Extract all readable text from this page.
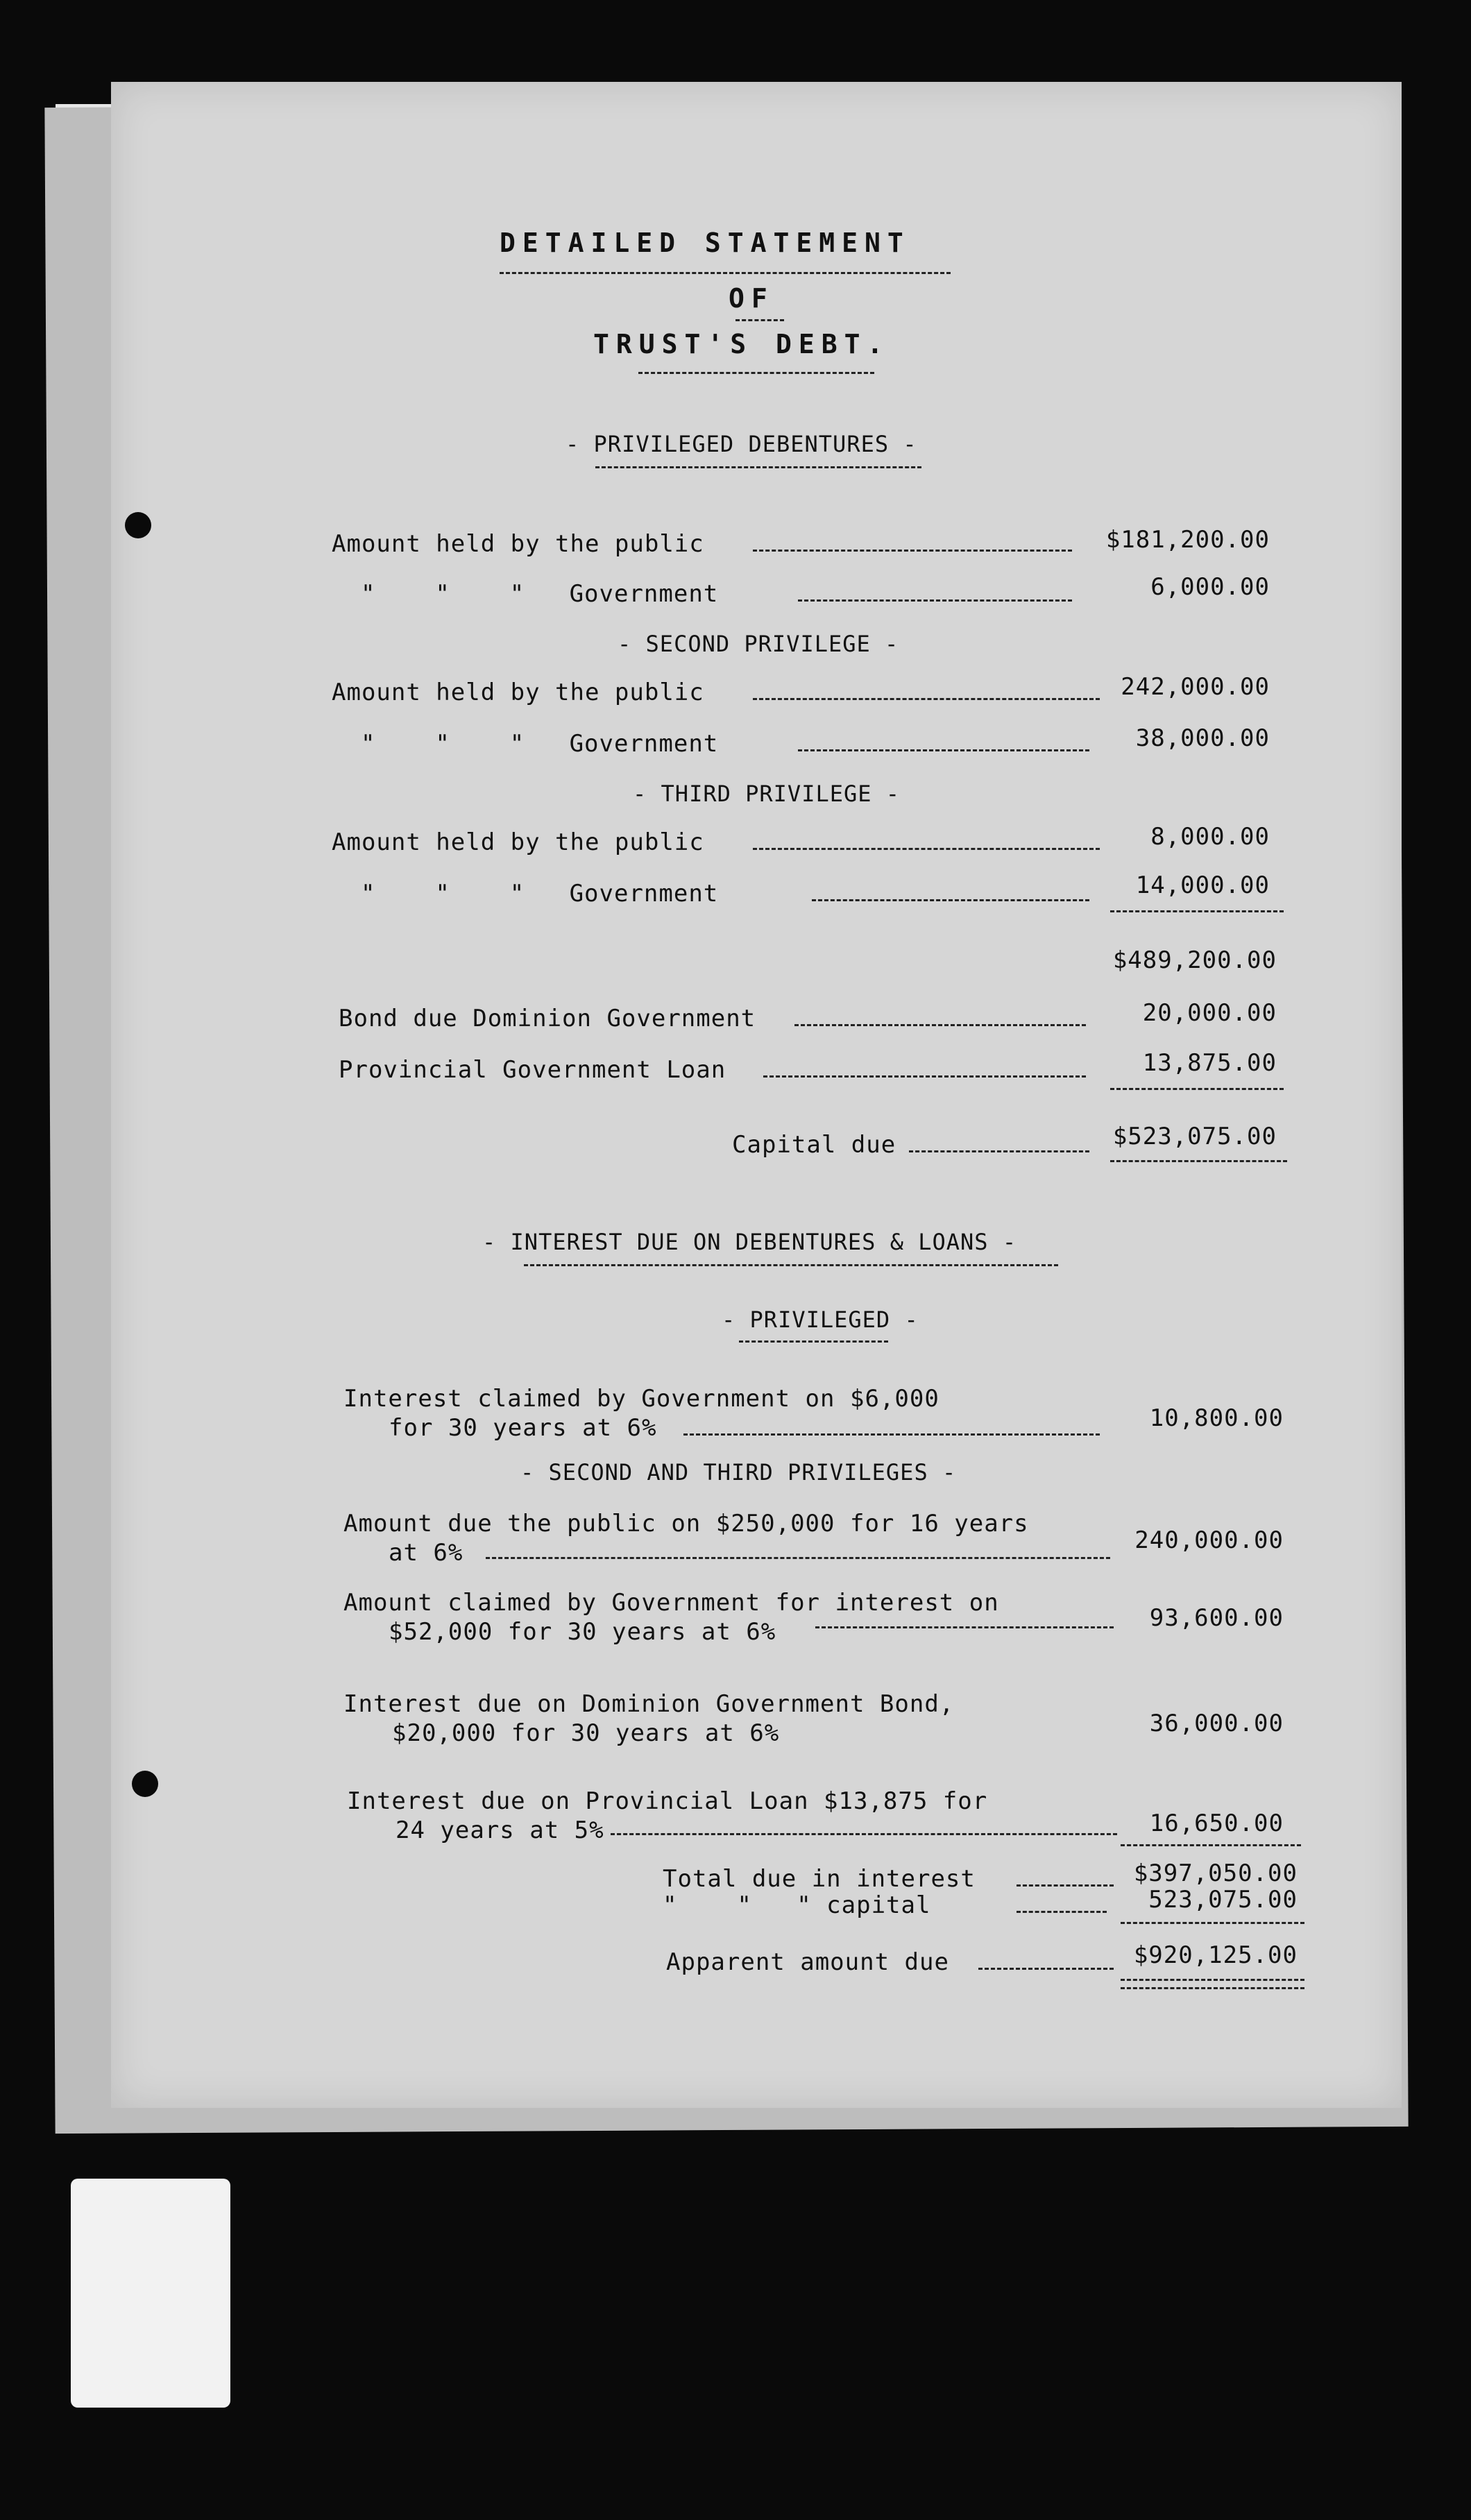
DETAILED STATEMENT
OF
TRUST'S DEBT.
- PRIVILEGED DEBENTURES -
Amount held by the public	$181,200.00
"    "    "   Government	6,000.00
- SECOND PRIVILEGE -
Amount held by the public	242,000.00
"    "    "   Government	38,000.00
- THIRD PRIVILEGE -
Amount held by the public	8,000.00
"    "    "   Government	14,000.00
$489,200.00
Bond due Dominion Government	20,000.00
Provincial Government Loan	13,875.00
Capital due	$523,075.00
- INTEREST DUE ON DEBENTURES & LOANS -
- PRIVILEGED -
Interest claimed by Government on $6,000
for 30 years at 6%	10,800.00
- SECOND AND THIRD PRIVILEGES -
Amount due the public on $250,000 for 16 years
at 6%	240,000.00
Amount claimed by Government for interest on
$52,000 for 30 years at 6%	93,600.00
Interest due on Dominion Government Bond,
$20,000 for 30 years at 6%	36,000.00
Interest due on Provincial Loan $13,875 for
24 years at 5%	16,650.00
Total due in interest	$397,050.00
"    "   " capital	523,075.00
Apparent amount due	$920,125.00
